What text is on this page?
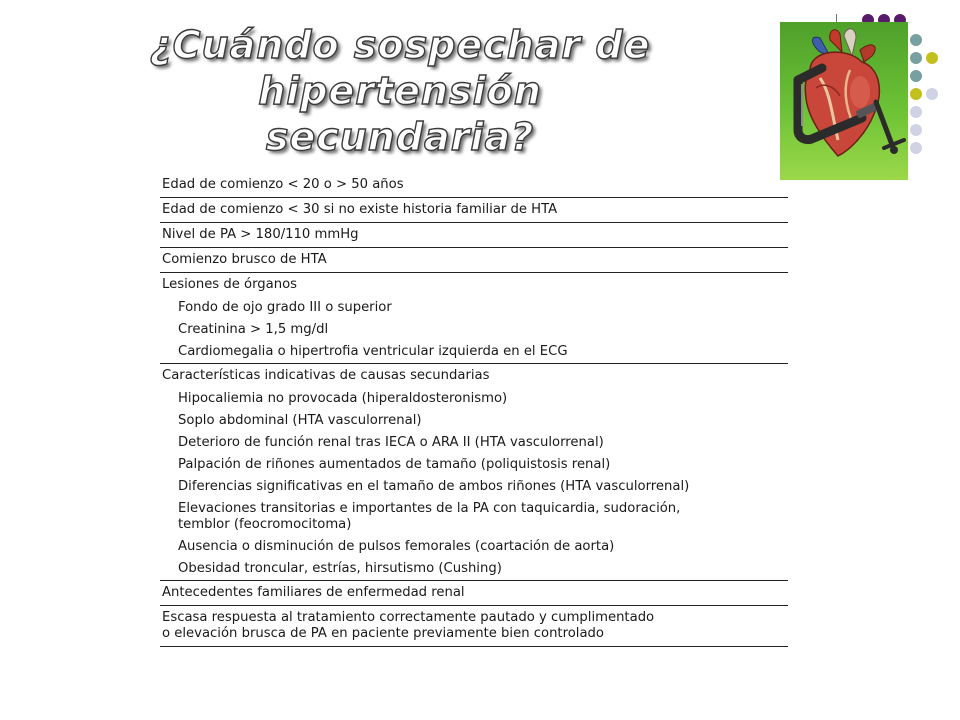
¿Cuándo sospechar de hipertensión
secundaria?
Edad de comienzo < 20 o > 50 años
Edad de comienzo < 30 si no existe historia familiar de HTA
Nivel de PA > 180/110 mmHg
Comienzo brusco de HTA
Lesiones de órganos
Fondo de ojo grado III o superior
Creatinina > 1,5 mg/dl
Cardiomegalia o hipertrofia ventricular izquierda en el ECG
Características indicativas de causas secundarias
Hipocaliemia no provocada (hiperaldosteronismo)
Soplo abdominal (HTA vasculorrenal)
Deterioro de función renal tras IECA o ARA II (HTA vasculorrenal)
Palpación de riñones aumentados de tamaño (poliquistosis renal)
Diferencias significativas en el tamaño de ambos riñones (HTA vasculorrenal)
Elevaciones transitorias e importantes de la PA con taquicardia, sudoración,
temblor (feocromocitoma)
Ausencia o disminución de pulsos femorales (coartación de aorta)
Obesidad troncular, estrías, hirsutismo (Cushing)
Antecedentes familiares de enfermedad renal
Escasa respuesta al tratamiento correctamente pautado y cumplimentado
o elevación brusca de PA en paciente previamente bien controlado
